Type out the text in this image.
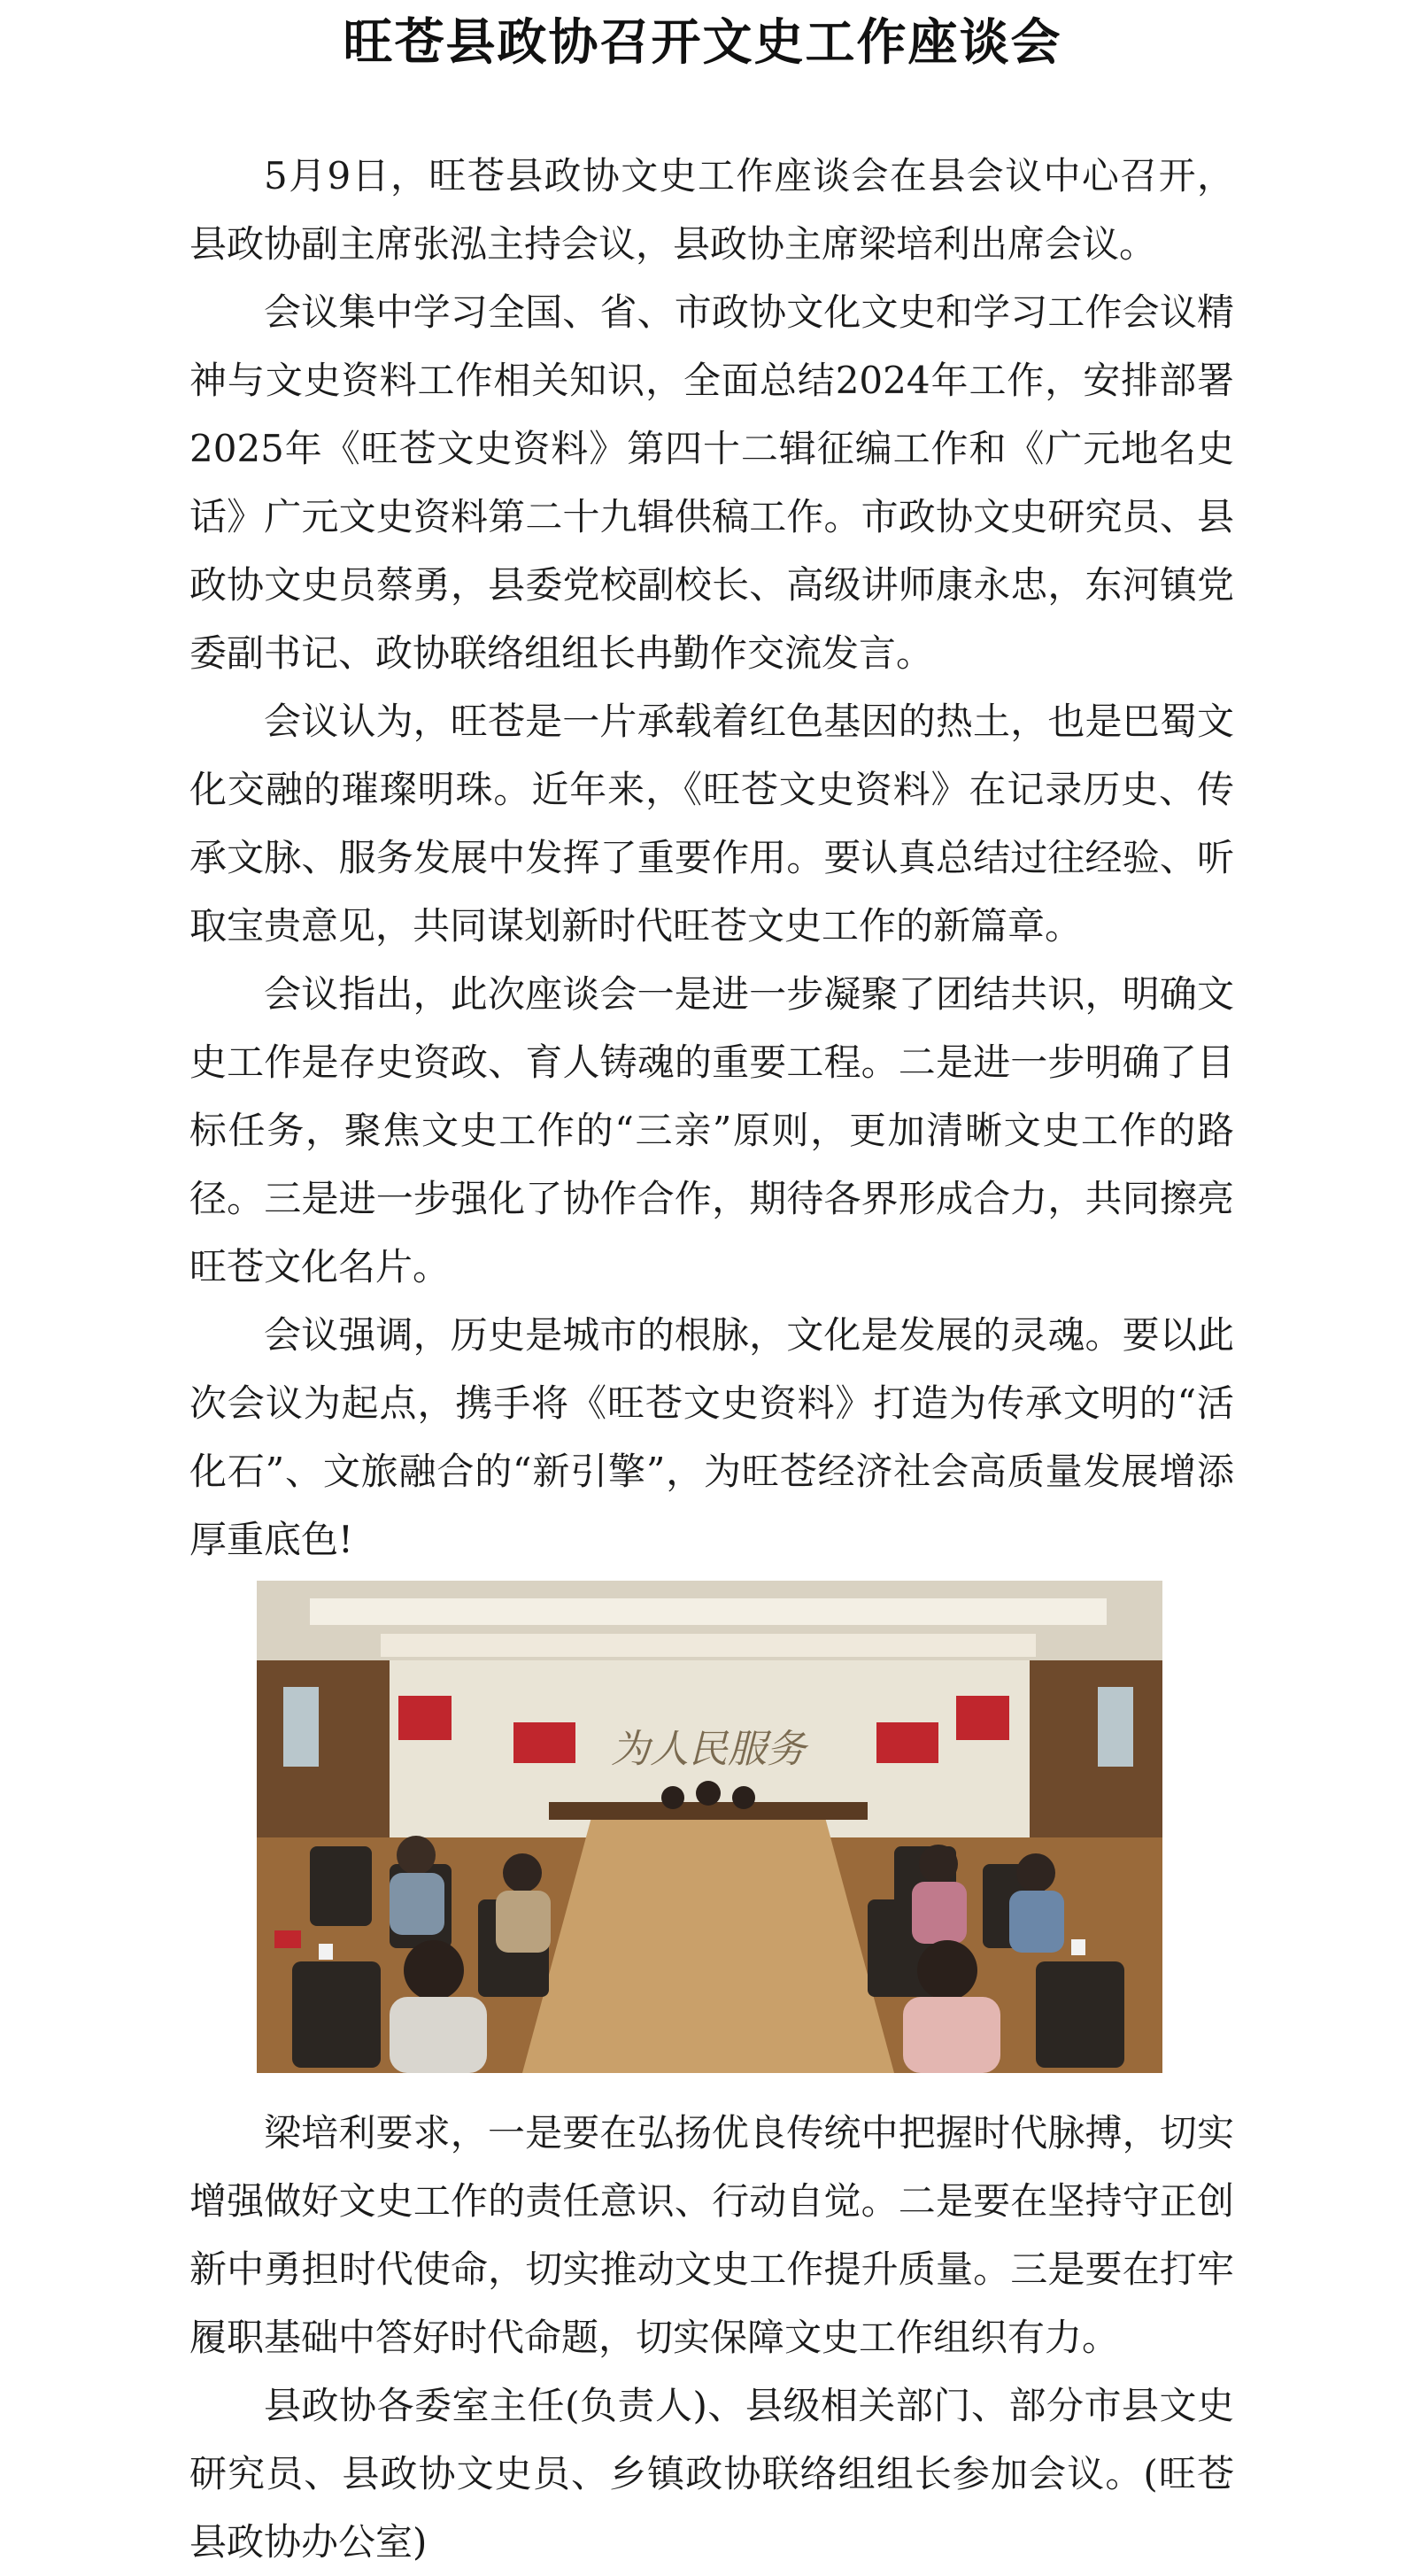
旺苍县政协召开文史工作座谈会

5月9日，旺苍县政协文史工作座谈会在县会议中心召开，县政协副主席张泓主持会议，县政协主席梁培利出席会议。

会议集中学习全国、省、市政协文化文史和学习工作会议精神与文史资料工作相关知识，全面总结2024年工作，安排部署2025年《旺苍文史资料》第四十二辑征编工作和《广元地名史话》广元文史资料第二十九辑供稿工作。市政协文史研究员、县政协文史员蔡勇，县委党校副校长、高级讲师康永忠，东河镇党委副书记、政协联络组组长冉勤作交流发言。

会议认为，旺苍是一片承载着红色基因的热土，也是巴蜀文化交融的璀璨明珠。近年来，《旺苍文史资料》在记录历史、传承文脉、服务发展中发挥了重要作用。要认真总结过往经验、听取宝贵意见，共同谋划新时代旺苍文史工作的新篇章。

会议指出，此次座谈会一是进一步凝聚了团结共识，明确文史工作是存史资政、育人铸魂的重要工程。二是进一步明确了目标任务，聚焦文史工作的“三亲”原则，更加清晰文史工作的路径。三是进一步强化了协作合作，期待各界形成合力，共同擦亮旺苍文化名片。

会议强调，历史是城市的根脉，文化是发展的灵魂。要以此次会议为起点，携手将《旺苍文史资料》打造为传承文明的“活化石”、文旅融合的“新引擎”，为旺苍经济社会高质量发展增添厚重底色!

为人民服务

梁培利要求，一是要在弘扬优良传统中把握时代脉搏，切实增强做好文史工作的责任意识、行动自觉。二是要在坚持守正创新中勇担时代使命，切实推动文史工作提升质量。三是要在打牢履职基础中答好时代命题，切实保障文史工作组织有力。

县政协各委室主任(负责人)、县级相关部门、部分市县文史研究员、县政协文史员、乡镇政协联络组组长参加会议。(旺苍县政协办公室)
